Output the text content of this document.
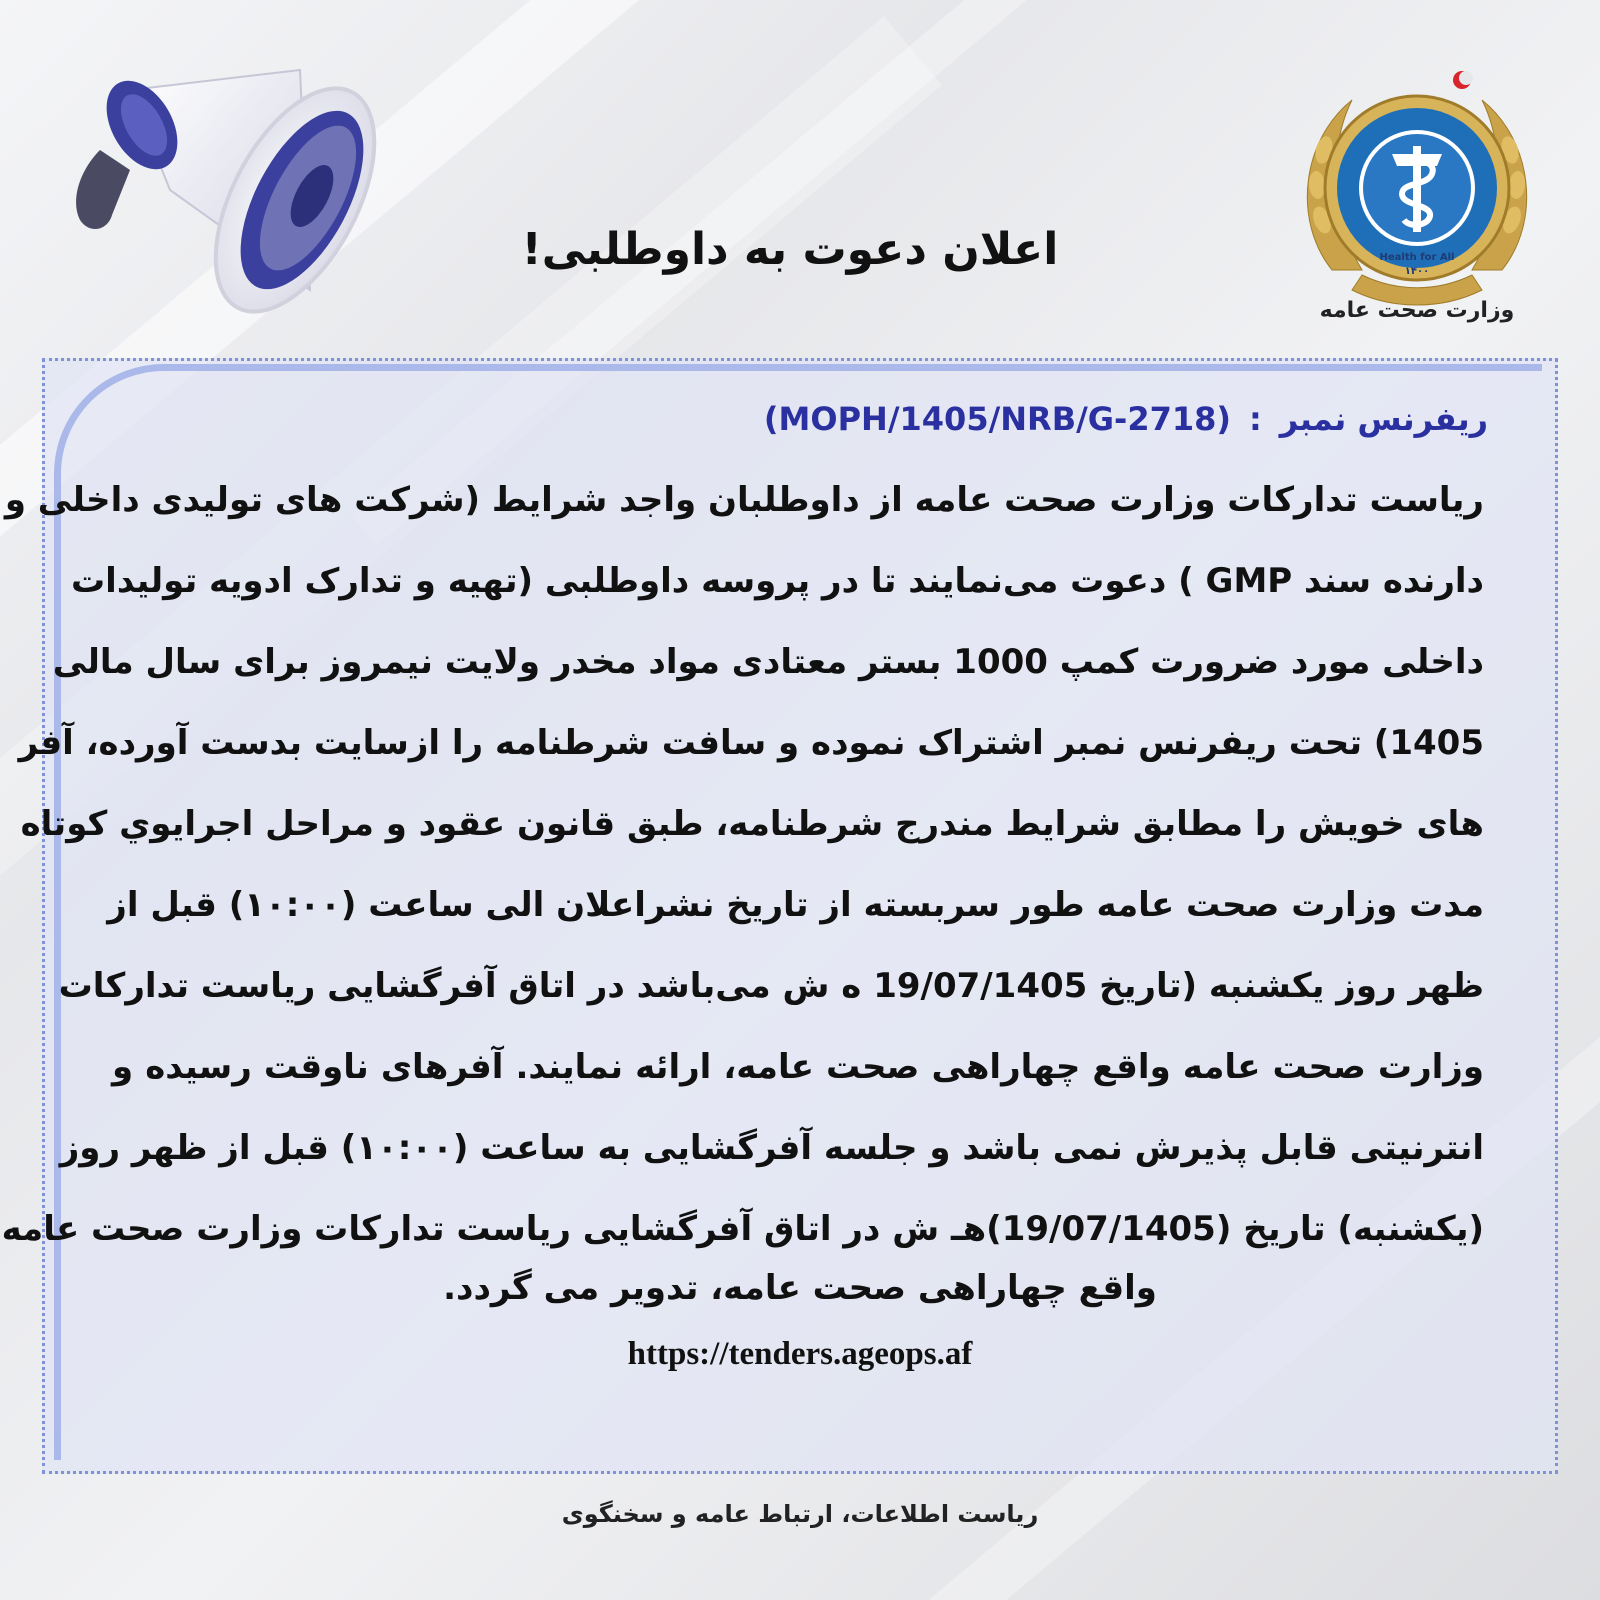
اعلان دعوت به داوطلبی!	Health for All
۱۴۰۰
وزارت صحت عامه
ریفرنس نمبر:(MOPH/1405/NRB/G-2718)
ریاست تدارکات وزارت صحت عامه از داوطلبان واجد شرایط (شرکت های تولیدی داخلی و
دارنده سند GMP ) دعوت می‌نمایند تا در پروسه داوطلبی (تهیه و تدارک ادویه تولیدات
داخلی مورد ضرورت کمپ 1000 بستر معتادی مواد مخدر ولایت نیمروز برای سال مالی
1405) تحت ریفرنس نمبر اشتراک نموده و سافت شرطنامه را ازسایت بدست آورده، آفر
های خویش را مطابق شرایط مندرج شرطنامه، طبق قانون عقود و مراحل اجرایوي کوتاه
مدت وزارت صحت عامه طور سربسته از تاریخ نشراعلان الی ساعت (۱۰:۰۰) قبل از
ظهر روز یکشنبه (تاریخ 19/07/1405 ه ش می‌باشد در اتاق آفرگشایی ریاست تدارکات
وزارت صحت عامه واقع چهاراهی صحت عامه، ارائه نمایند. آفرهای ناوقت رسیده و
انترنیتی قابل پذیرش نمی باشد و جلسه آفرگشایی به ساعت (۱۰:۰۰) قبل از ظهر روز
(یکشنبه) تاریخ (19/07/1405)هـ ش در اتاق آفرگشایی ریاست تدارکات وزارت صحت عامه
واقع چهاراهی صحت عامه، تدویر می گردد.
https://tenders.ageops.af
ریاست اطلاعات، ارتباط عامه و سخنگوی
